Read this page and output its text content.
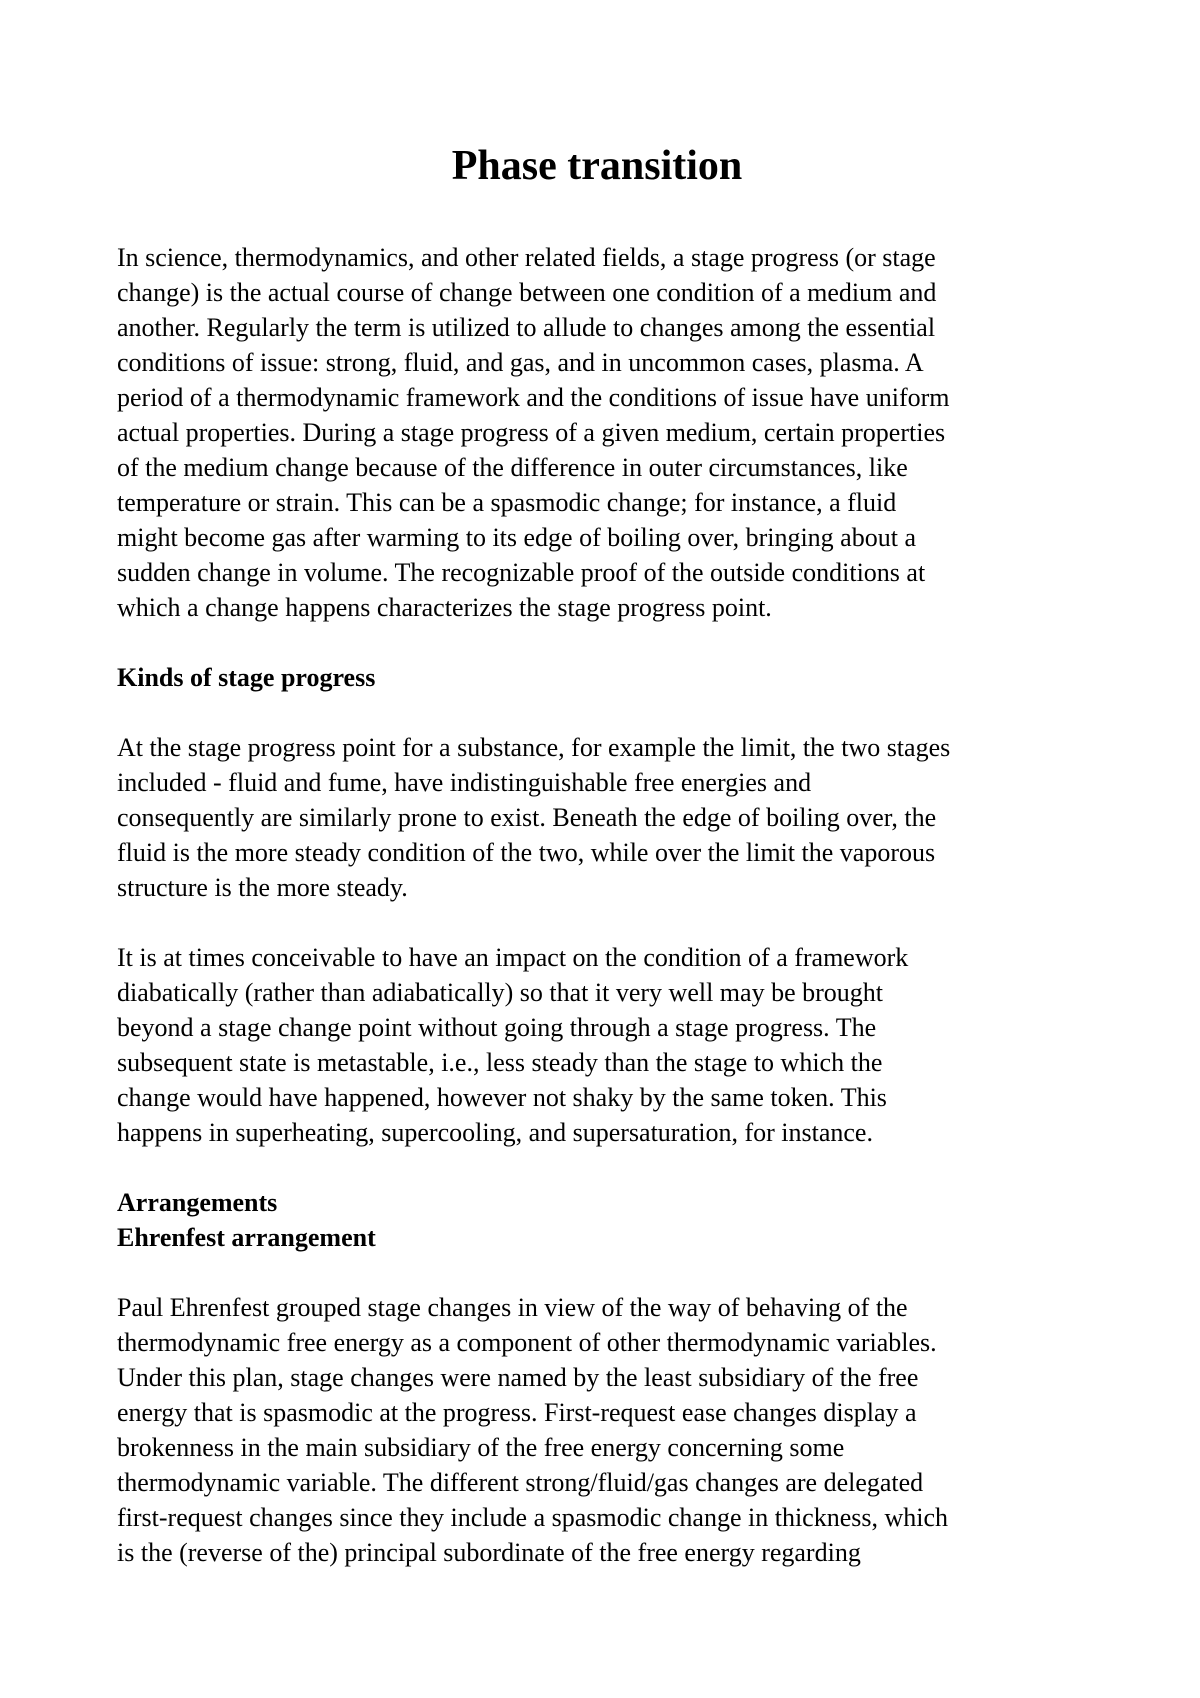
Phase transition

In science, thermodynamics, and other related fields, a stage progress (or stage
change) is the actual course of change between one condition of a medium and
another. Regularly the term is utilized to allude to changes among the essential
conditions of issue: strong, fluid, and gas, and in uncommon cases, plasma. A
period of a thermodynamic framework and the conditions of issue have uniform
actual properties. During a stage progress of a given medium, certain properties
of the medium change because of the difference in outer circumstances, like
temperature or strain. This can be a spasmodic change; for instance, a fluid
might become gas after warming to its edge of boiling over, bringing about a
sudden change in volume. The recognizable proof of the outside conditions at
which a change happens characterizes the stage progress point.

Kinds of stage progress

At the stage progress point for a substance, for example the limit, the two stages
included - fluid and fume, have indistinguishable free energies and
consequently are similarly prone to exist. Beneath the edge of boiling over, the
fluid is the more steady condition of the two, while over the limit the vaporous
structure is the more steady.

It is at times conceivable to have an impact on the condition of a framework
diabatically (rather than adiabatically) so that it very well may be brought
beyond a stage change point without going through a stage progress. The
subsequent state is metastable, i.e., less steady than the stage to which the
change would have happened, however not shaky by the same token. This
happens in superheating, supercooling, and supersaturation, for instance.

Arrangements
Ehrenfest arrangement

Paul Ehrenfest grouped stage changes in view of the way of behaving of the
thermodynamic free energy as a component of other thermodynamic variables.
Under this plan, stage changes were named by the least subsidiary of the free
energy that is spasmodic at the progress. First-request ease changes display a
brokenness in the main subsidiary of the free energy concerning some
thermodynamic variable. The different strong/fluid/gas changes are delegated
first-request changes since they include a spasmodic change in thickness, which
is the (reverse of the) principal subordinate of the free energy regarding
